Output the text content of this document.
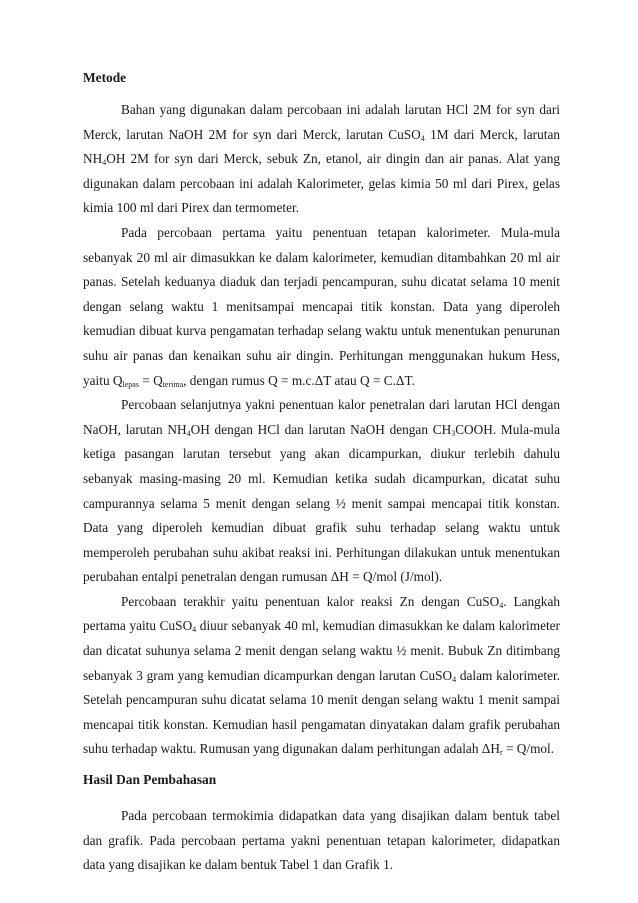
Metode

Bahan yang digunakan dalam percobaan ini adalah larutan HCl 2M for syn dari Merck, larutan NaOH 2M for syn dari Merck, larutan CuSO$_4$ 1M dari Merck, larutan $NH_4OH$ 2M for syn dari Merck, sebuk Zn, etanol, air dingin dan air panas. Alat yang digunakan dalam percobaan ini adalah Kalorimeter, gelas kimia 50 ml dari Pirex, gelas kimia 100 ml dari Pirex dan termometer.

Pada percobaan pertama yaitu penentuan tetapan kalorimeter. Mula-mula sebanyak 20 ml air dimasukkan ke dalam kalorimeter, kemudian ditambahkan 20 ml air panas. Setelah keduanya diaduk dan terjadi pencampuran, suhu dicatat selama 10 menit dengan selang waktu 1 menitsampai mencapai titik konstan. Data yang diperoleh kemudian dibuat kurva pengamatan terhadap selang waktu untuk menentukan penurunan suhu air panas dan kenaikan suhu air dingin. Perhitungan menggunakan hukum Hess, yaitu $Q_{lepas} = Q_{terima}$, dengan rumus Q = m.c.ΔT atau Q = C.ΔT.

Percobaan selanjutnya yakni penentuan kalor penetralan dari larutan HCl dengan NaOH, larutan $NH_4OH$ dengan HCl dan larutan NaOH dengan $CH_3COOH$. Mula-mula ketiga pasangan larutan tersebut yang akan dicampurkan, diukur terlebih dahulu sebanyak masing-masing 20 ml. Kemudian ketika sudah dicampurkan, dicatat suhu campurannya selama 5 menit dengan selang ½ menit sampai mencapai titik konstan. Data yang diperoleh kemudian dibuat grafik suhu terhadap selang waktu untuk memperoleh perubahan suhu akibat reaksi ini. Perhitungan dilakukan untuk menentukan perubahan entalpi penetralan dengan rumusan ΔH = Q/mol (J/mol).

Percobaan terakhir yaitu penentuan kalor reaksi Zn dengan CuSO$_4$. Langkah pertama yaitu CuSO$_4$ diuur sebanyak 40 ml, kemudian dimasukkan ke dalam kalorimeter dan dicatat suhunya selama 2 menit dengan selang waktu ½ menit. Bubuk Zn ditimbang sebanyak 3 gram yang kemudian dicampurkan dengan larutan CuSO$_4$ dalam kalorimeter. Setelah pencampuran suhu dicatat selama 10 menit dengan selang waktu 1 menit sampai mencapai titik konstan. Kemudian hasil pengamatan dinyatakan dalam grafik perubahan suhu terhadap waktu. Rumusan yang digunakan dalam perhitungan adalah $\Delta H_r = Q/mol$.

Hasil Dan Pembahasan

Pada percobaan termokimia didapatkan data yang disajikan dalam bentuk tabel dan grafik. Pada percobaan pertama yakni penentuan tetapan kalorimeter, didapatkan data yang disajikan ke dalam bentuk Tabel 1 dan Grafik 1.
